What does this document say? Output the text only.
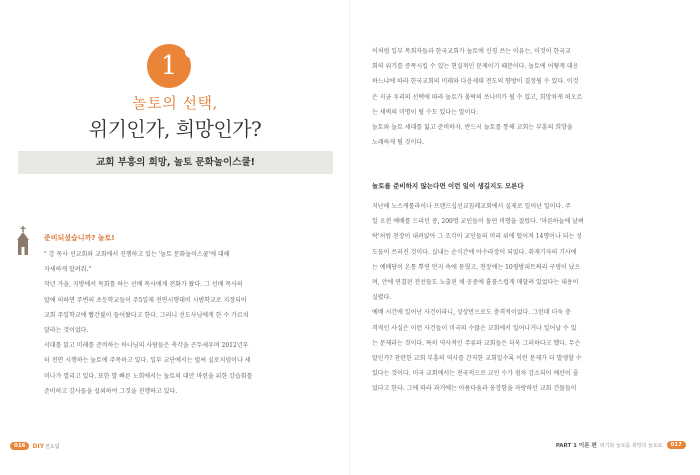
1
놀토의 선택,
위기인가, 희망인가?
교회 부흥의 희망, 놀토 문화놀이스쿨!
준비되셨습니까? 놀토!
" 강 목사 선교회와 교회에서 진행하고 있는 '놀토 문화놀이스쿨'에 대해
자세하게 알려줘."
작년 가을, 지방에서 목회를 하는 선배 목사에게 전화가 왔다. 그 선배 목사의
말에 의하면 주변의 초등학교들이 주5일제 전면시행대비 시범학교로 지정되어
교회 주일학교에 빨간불이 들어왔다고 한다. 그러니 선도사님에게 한 수 가르쳐
달라는 것이었다.
시대를 읽고 미래를 준비하는 하나님의 사람들은 촉각을 곤두세우며 2012년부
터 전면 시행하는 놀토에 주목하고 있다. 일부 교단에서는 벌써 실로지엄이나 세
미나가 열리고 있다. 또한 발 빠른 노회에서는 놀토의 대안 마련을 위한 강습회를
준비하고 강사들을 섭외하여 그것을 진행하고 있다.
016	DIY 전도팀
이처럼 일부 목회자들과 한국교회가 놀토에 신경 쓰는 이유는, 이것이 한국교
회의 위기를 증폭시킬 수 있는 현실적인 문제이기 때문이다. 놀토에 어떻게 대응
하느냐에 따라 한국교회의 미래와 다음세대 전도의 향방이 결정될 수 있다. 이것
은 지금 우리의 선택에 따라 놀토가 몰락의 쓰나미가 될 수 있고, 희망차게 떠오르
는 새벽의 미명이 될 수도 있다는 말이다.
놀토와 놀토 세대를 잃고 준비하자. 반드시 놀토를 통해 교회는 부흥의 희망을
노래하게 될 것이다.
놀토를 준비하지 않는다면 이런 일이 생길지도 모른다
지난해 노스캐롤라이나 프랜드십선교침례교회에서 실제로 일어난 일이다. 주
일 오전 예배를 드리던 중, 200명 교인들이 돌연 비명을 질렀다. '마른하늘에 날벼
락'처럼 천장이 내려앉아 그 조각이 교인들의 머리 위에 떨어져 14명이나 되는 성
도들이 쓰러진 것이다. 실내는 순식간에 아수라장이 되었다. 취재기자의 기사에
는 예배당이 온통 뿌연 먼지 속에 묻혔고, 천장에는 10평방피트짜리 구멍이 났으
며, 안에 연결된 전선들도 노출된 채 공중에 흉물스럽게 매달려 있었다는 내용이
실렸다.
예배 시간에 일어난 사건이라니, 상상만으로도 충격적이었다. 그런데 더욱 충
격적인 사실은 이런 사건들이 미국의 수많은 교회에서 일어나거나 일어날 수 있
는 문제라는 것이다. 특히 역사적인 주류파 교회들은 더욱 그러하다고 했다. 무슨
말인가? 찬란한 교회 부흥의 역사를 간직한 교회일수록 이런 문제가 더 발생할 수
있다는 것이다. 미국 교회에서는 전국적으로 교인 수가 점차 감소되어 예산이 줄
었다고 한다. 그에 따라 과거에는 아름다움과 웅장함을 자랑하던 교회 건물들이
PART 1 이론 편 위기와 놀토를 희망의 놀토로	017
